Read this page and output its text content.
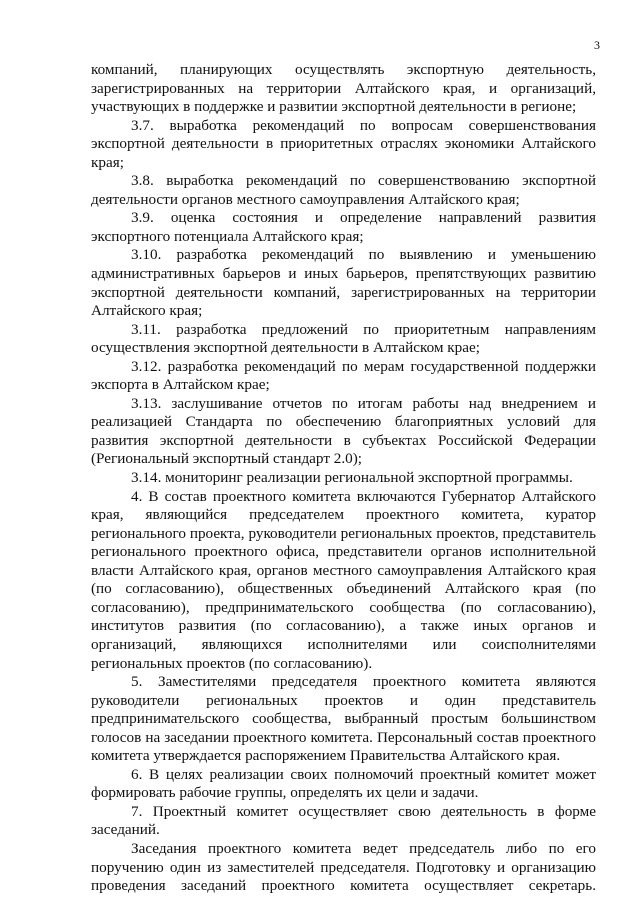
3

компаний, планирующих осуществлять экспортную деятельность, зарегистрированных на территории Алтайского края, и организаций, участвующих в поддержке и развитии экспортной деятельности в регионе;

3.7. выработка рекомендаций по вопросам совершенствования экспортной деятельности в приоритетных отраслях экономики Алтайского края;

3.8. выработка рекомендаций по совершенствованию экспортной деятельности органов местного самоуправления Алтайского края;

3.9. оценка состояния и определение направлений развития экспортного потенциала Алтайского края;

3.10. разработка рекомендаций по выявлению и уменьшению административных барьеров и иных барьеров, препятствующих развитию экспортной деятельности компаний, зарегистрированных на территории Алтайского края;

3.11. разработка предложений по приоритетным направлениям осуществления экспортной деятельности в Алтайском крае;

3.12. разработка рекомендаций по мерам государственной поддержки экспорта в Алтайском крае;

3.13. заслушивание отчетов по итогам работы над внедрением и реализацией Стандарта по обеспечению благоприятных условий для развития экспортной деятельности в субъектах Российской Федерации (Региональный экспортный стандарт 2.0);

3.14. мониторинг реализации региональной экспортной программы.

4. В состав проектного комитета включаются Губернатор Алтайского края, являющийся председателем проектного комитета, куратор регионального проекта, руководители региональных проектов, представитель регионального проектного офиса, представители органов исполнительной власти Алтайского края, органов местного самоуправления Алтайского края (по согласованию), общественных объединений Алтайского края (по согласованию), предпринимательского сообщества (по согласованию), институтов развития (по согласованию), а также иных органов и организаций, являющихся исполнителями или соисполнителями региональных проектов (по согласованию).

5. Заместителями председателя проектного комитета являются руководители региональных проектов и один представитель предпринимательского сообщества, выбранный простым большинством голосов на заседании проектного комитета. Персональный состав проектного комитета утверждается распоряжением Правительства Алтайского края.

6. В целях реализации своих полномочий проектный комитет может формировать рабочие группы, определять их цели и задачи.

7. Проектный комитет осуществляет свою деятельность в форме заседаний.

Заседания проектного комитета ведет председатель либо по его поручению один из заместителей председателя. Подготовку и организацию проведения заседаний проектного комитета осуществляет секретарь.
